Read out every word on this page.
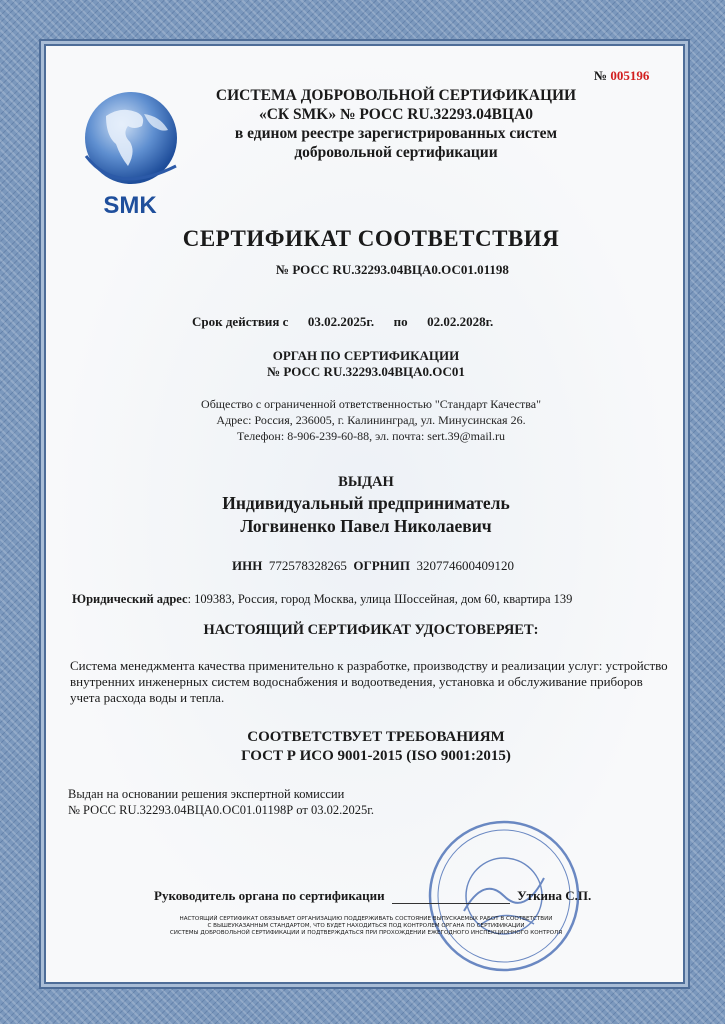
№ 005196
SMK
СИСТЕМА ДОБРОВОЛЬНОЙ СЕРТИФИКАЦИИ
«СК SMK» № РОСС RU.32293.04ВЦА0
в едином реестре зарегистрированных систем
добровольной сертификации
СЕРТИФИКАТ СООТВЕТСТВИЯ
№ РОСС RU.32293.04ВЦА0.ОС01.01198
Срок действия с 03.02.2025г. по 02.02.2028г.
ОРГАН ПО СЕРТИФИКАЦИИ
№ РОСС RU.32293.04ВЦА0.ОС01
Общество с ограниченной ответственностью "Стандарт Качества"
Адрес: Россия, 236005, г. Калининград, ул. Минусинская 26.
Телефон: 8-906-239-60-88, эл. почта: sert.39@mail.ru
ВЫДАН
Индивидуальный предприниматель
Логвиненко Павел Николаевич
ИНН 772578328265 ОГРНИП 320774600409120
Юридический адрес: 109383, Россия, город Москва, улица Шоссейная, дом 60, квартира 139
НАСТОЯЩИЙ СЕРТИФИКАТ УДОСТОВЕРЯЕТ:
Система менеджмента качества применительно к разработке, производству и реализации услуг: устройство внутренних инженерных систем водоснабжения и водоотведения, установка и обслуживание приборов учета расхода воды и тепла.
СООТВЕТСТВУЕТ ТРЕБОВАНИЯМ
ГОСТ Р ИСО 9001-2015 (ISO 9001:2015)
Выдан на основании решения экспертной комиссии
№ РОСС RU.32293.04ВЦА0.ОС01.01198Р от 03.02.2025г.
Руководитель органа по сертификации	Уткина С.П.
НАСТОЯЩИЙ СЕРТИФИКАТ ОБЯЗЫВАЕТ ОРГАНИЗАЦИЮ ПОДДЕРЖИВАТЬ СОСТОЯНИЕ ВЫПУСКАЕМЫХ РАБОТ В СООТВЕТСТВИИ
С ВЫШЕУКАЗАННЫМ СТАНДАРТОМ, ЧТО БУДЕТ НАХОДИТЬСЯ ПОД КОНТРОЛЕМ ОРГАНА ПО СЕРТИФИКАЦИИ
СИСТЕМЫ ДОБРОВОЛЬНОЙ СЕРТИФИКАЦИИ И ПОДТВЕРЖДАТЬСЯ ПРИ ПРОХОЖДЕНИИ ЕЖЕГОДНОГО ИНСПЕКЦИОННОГО КОНТРОЛЯ
